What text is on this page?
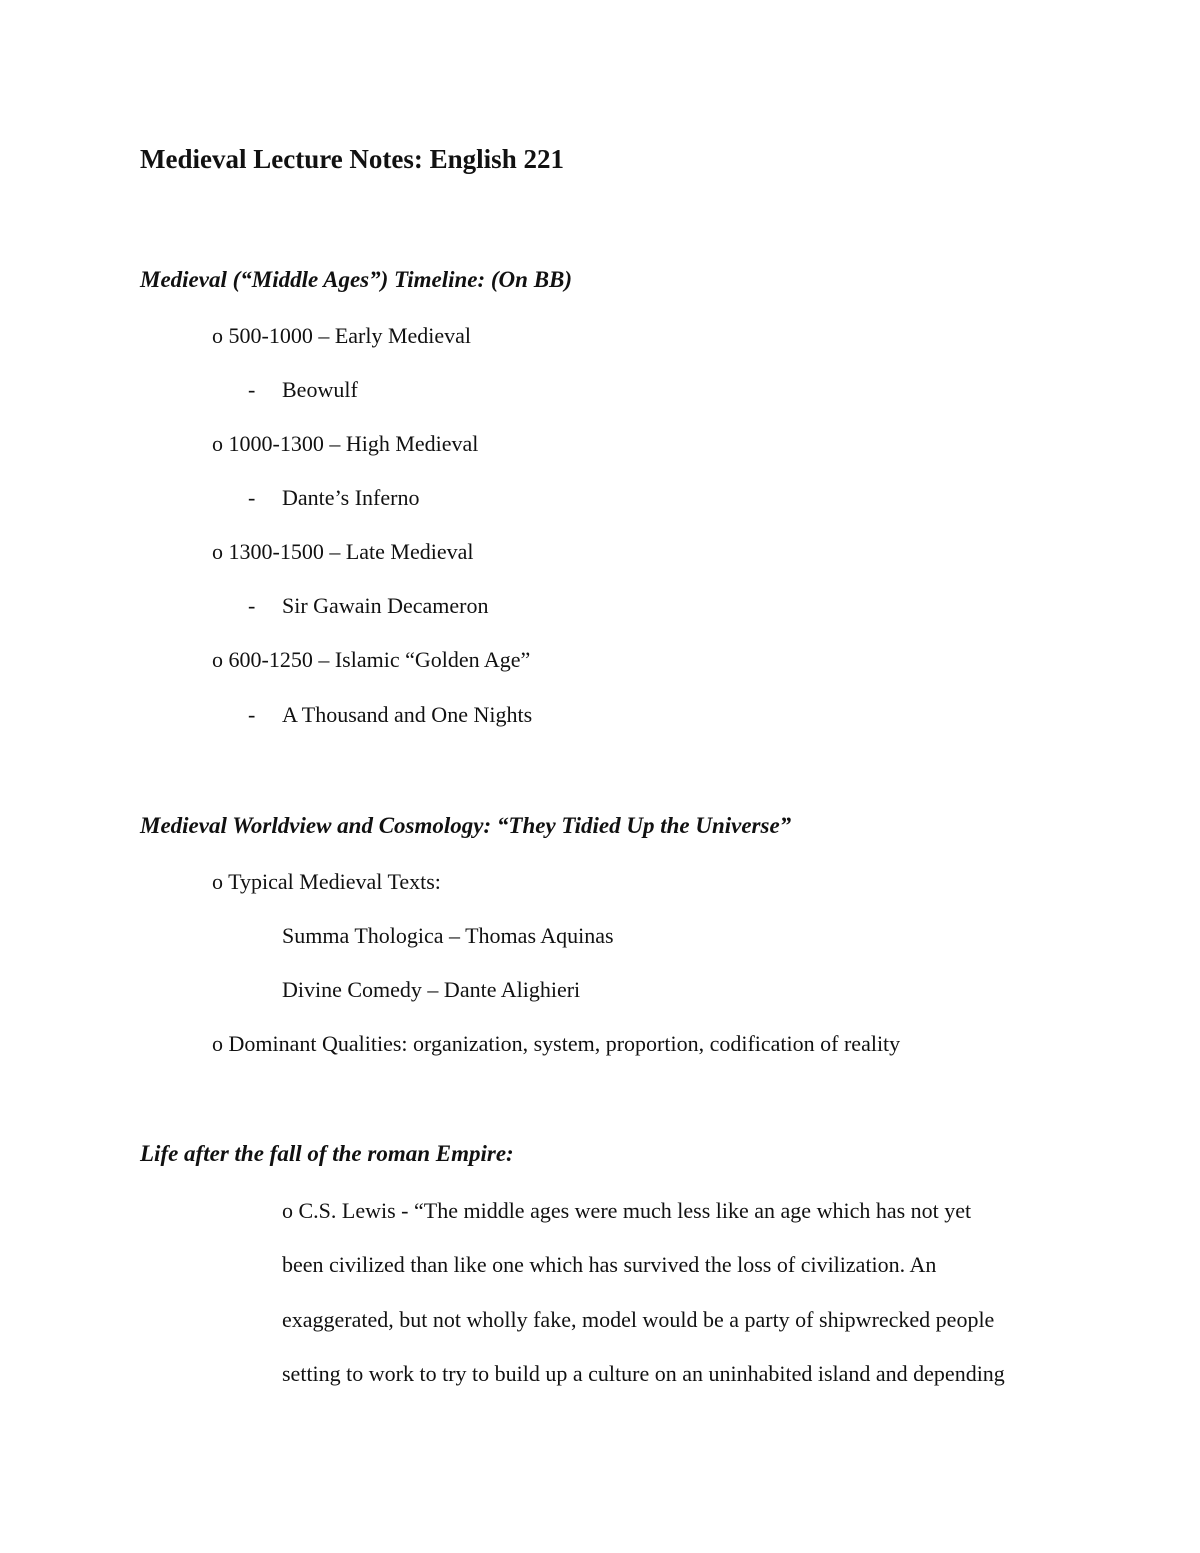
Medieval Lecture Notes: English 221
Medieval (“Middle Ages”) Timeline: (On BB)
o 500-1000 – Early Medieval
- Beowulf
o 1000-1300 – High Medieval
- Dante’s Inferno
o 1300-1500 – Late Medieval
- Sir Gawain Decameron
o 600-1250 – Islamic “Golden Age”
- A Thousand and One Nights
Medieval Worldview and Cosmology: “They Tidied Up the Universe”
o Typical Medieval Texts:
Summa Thologica – Thomas Aquinas
Divine Comedy – Dante Alighieri
o Dominant Qualities: organization, system, proportion, codification of reality
Life after the fall of the roman Empire:
o C.S. Lewis - “The middle ages were much less like an age which has not yet
been civilized than like one which has survived the loss of civilization. An
exaggerated, but not wholly fake, model would be a party of shipwrecked people
setting to work to try to build up a culture on an uninhabited island and depending
